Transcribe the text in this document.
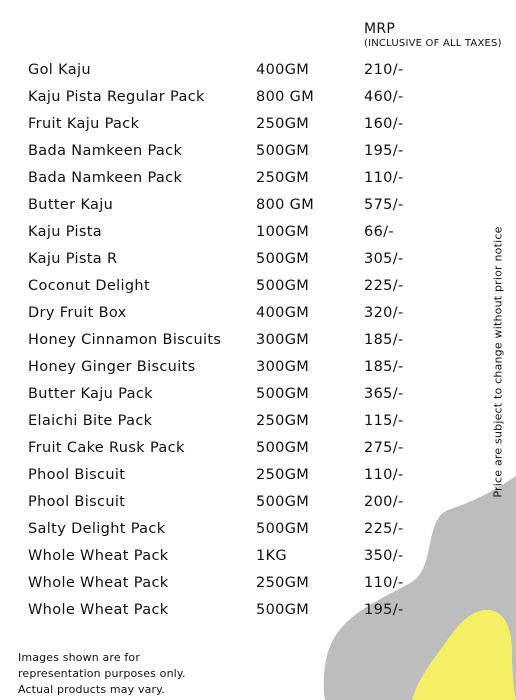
MRP
(INCLUSIVE OF ALL TAXES)
Gol Kaju	400GM	210/-
Kaju Pista Regular Pack	800 GM	460/-
Fruit Kaju Pack	250GM	160/-
Bada Namkeen Pack	500GM	195/-
Bada Namkeen Pack	250GM	110/-
Butter Kaju	800 GM	575/-
Kaju Pista	100GM	66/-
Kaju Pista R	500GM	305/-
Coconut Delight	500GM	225/-
Dry Fruit Box	400GM	320/-
Honey Cinnamon Biscuits 300GM	185/-
Honey Ginger Biscuits	300GM	185/-
Butter Kaju Pack	500GM	365/-
Elaichi Bite Pack	250GM	115/-
Fruit Cake Rusk Pack	500GM	275/-
Phool Biscuit	250GM	110/-
Phool Biscuit	500GM	200/-
Salty Delight Pack	500GM	225/-
Whole Wheat Pack	1KG	350/-
Whole Wheat Pack	250GM	110/-
Whole Wheat Pack	500GM	195/-
Price are subject to change without prior notice
Images shown are for
representation purposes only.
Actual products may vary.
